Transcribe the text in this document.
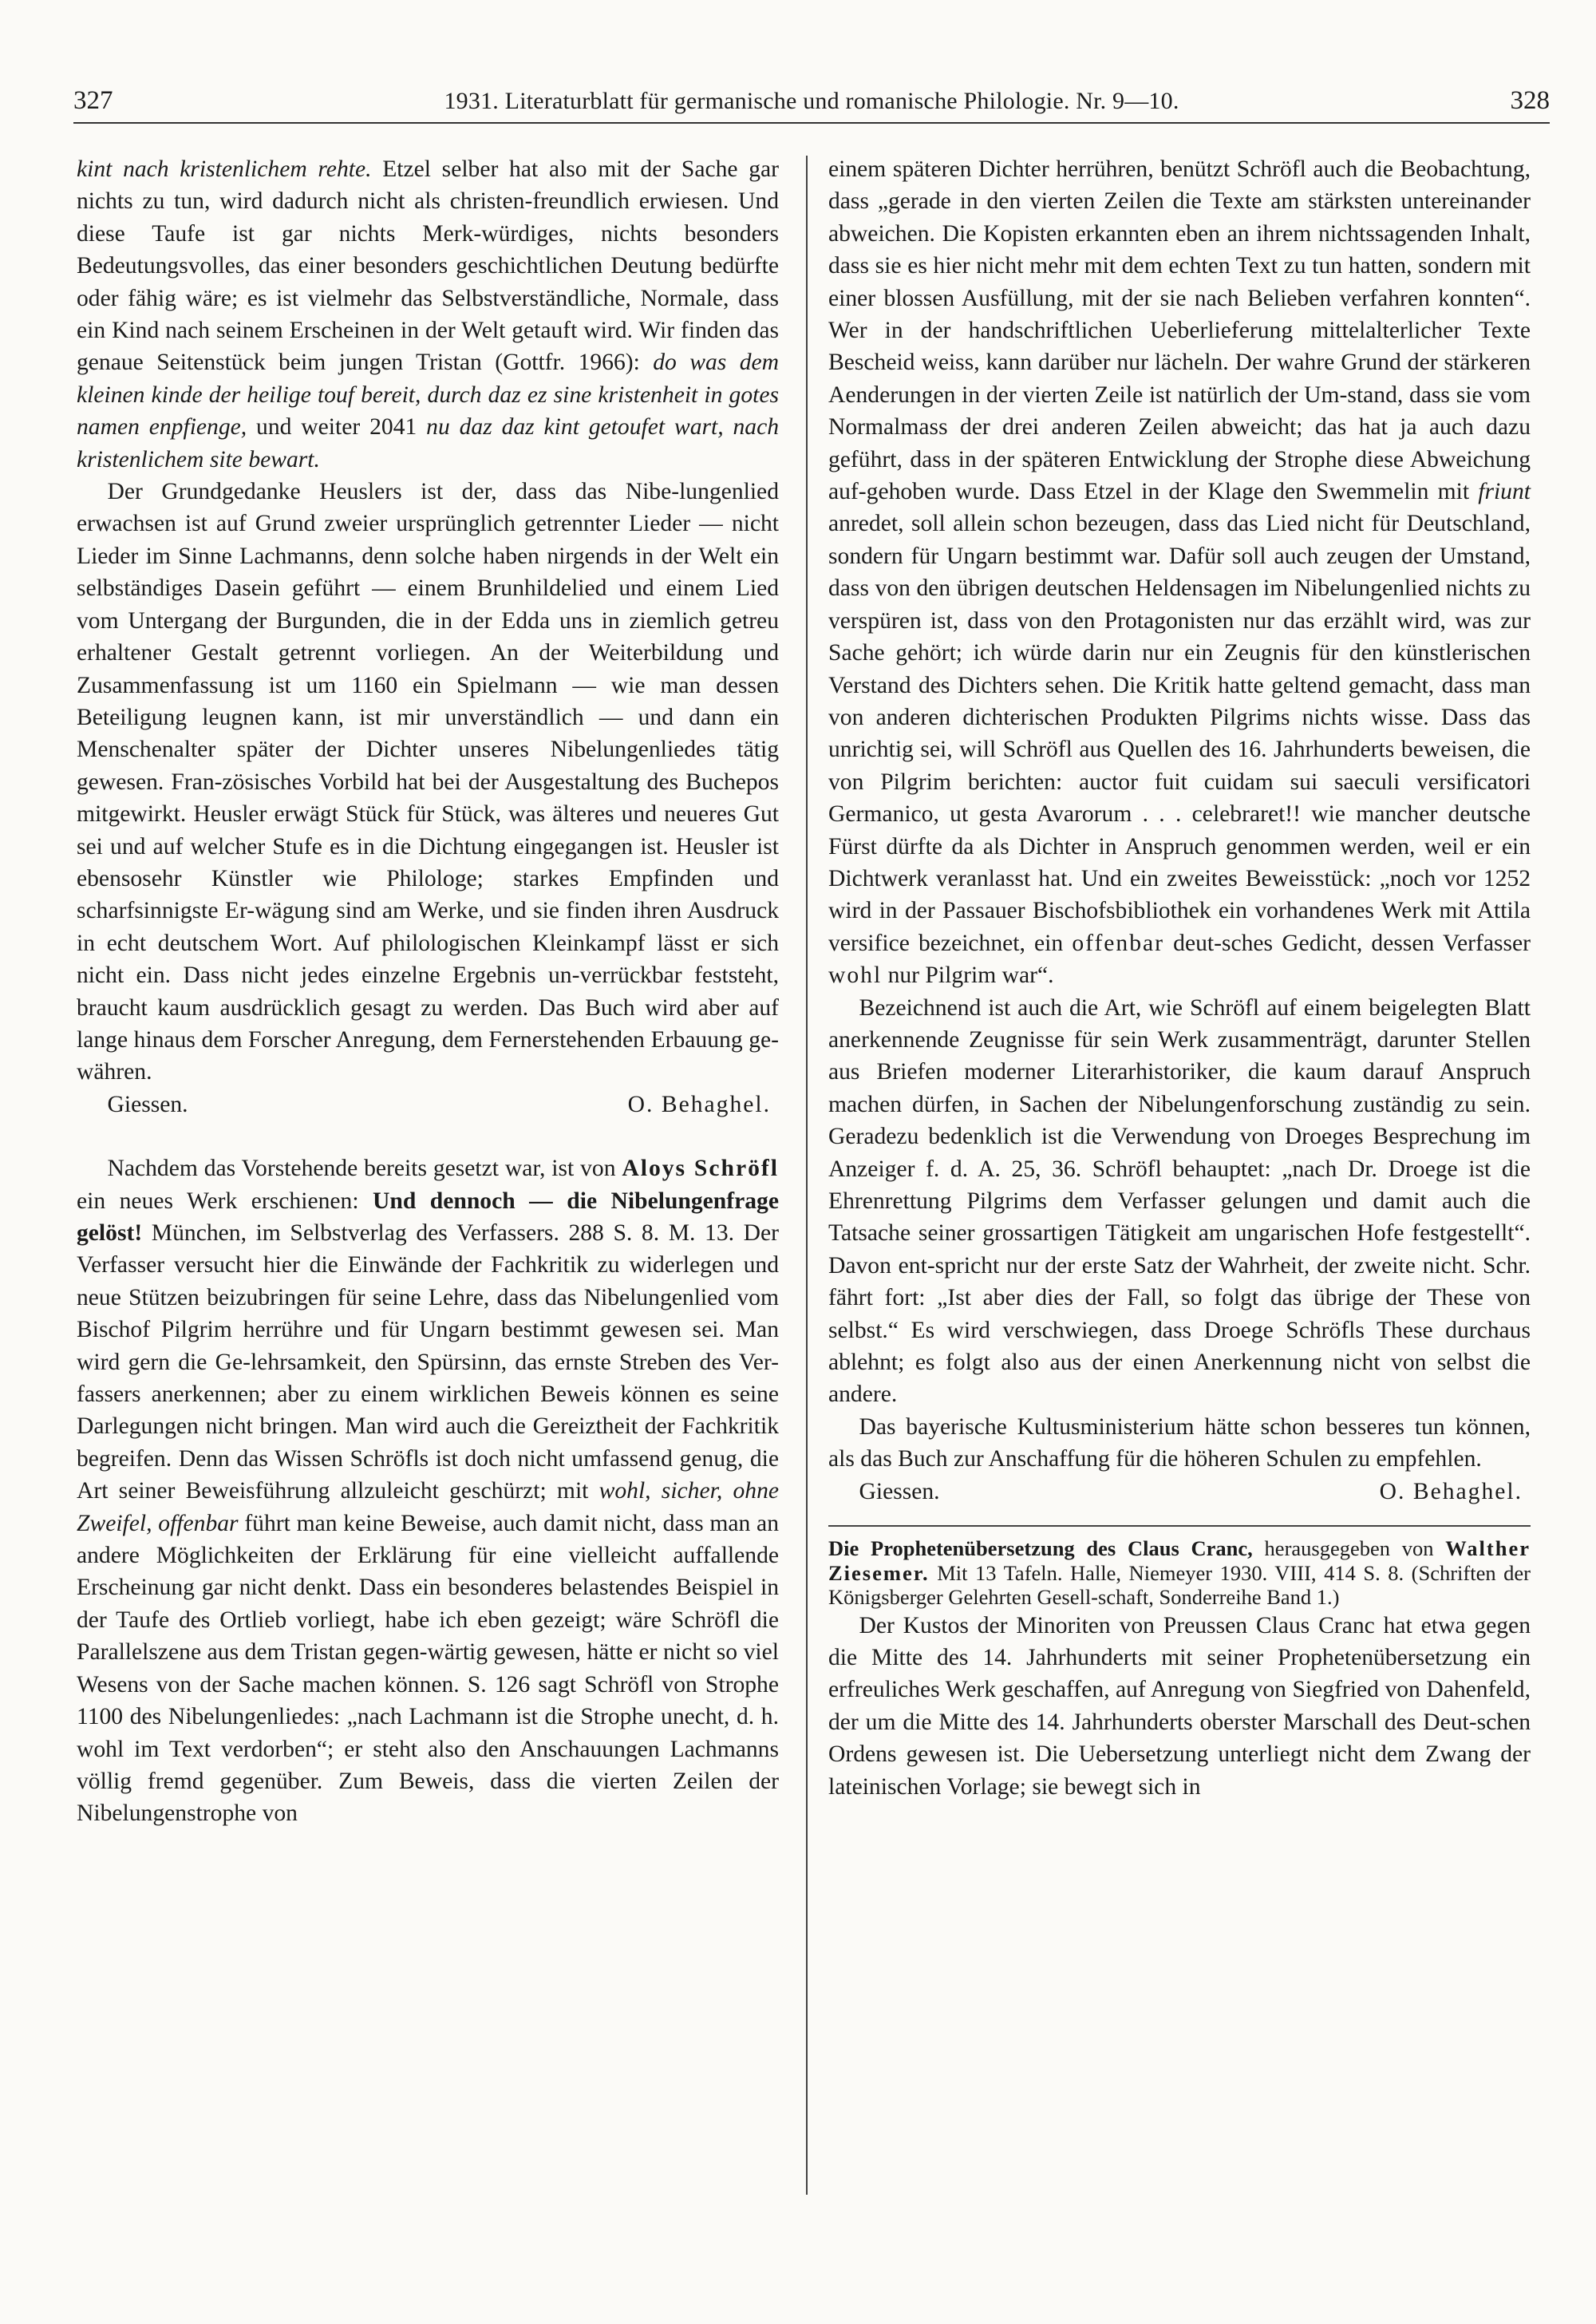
327	1931. Literaturblatt für germanische und romanische Philologie. Nr. 9—10.	328

kint nach kristenlichem rehte. Etzel selber hat also mit der Sache gar nichts zu tun, wird dadurch nicht als christen-freundlich erwiesen. Und diese Taufe ist gar nichts Merk-würdiges, nichts besonders Bedeutungsvolles, das einer besonders geschichtlichen Deutung bedürfte oder fähig wäre; es ist vielmehr das Selbstverständliche, Normale, dass ein Kind nach seinem Erscheinen in der Welt getauft wird. Wir finden das genaue Seitenstück beim jungen Tristan (Gottfr. 1966): do was dem kleinen kinde der heilige touf bereit, durch daz ez sine kristenheit in gotes namen enpfienge, und weiter 2041 nu daz daz kint getoufet wart, nach kristenlichem site bewart.

Der Grundgedanke Heuslers ist der, dass das Nibe-lungenlied erwachsen ist auf Grund zweier ursprünglich getrennter Lieder — nicht Lieder im Sinne Lachmanns, denn solche haben nirgends in der Welt ein selbständiges Dasein geführt — einem Brunhildelied und einem Lied vom Untergang der Burgunden, die in der Edda uns in ziemlich getreu erhaltener Gestalt getrennt vorliegen. An der Weiterbildung und Zusammenfassung ist um 1160 ein Spielmann — wie man dessen Beteiligung leugnen kann, ist mir unverständlich — und dann ein Menschenalter später der Dichter unseres Nibelungenliedes tätig gewesen. Fran-zösisches Vorbild hat bei der Ausgestaltung des Buchepos mitgewirkt. Heusler erwägt Stück für Stück, was älteres und neueres Gut sei und auf welcher Stufe es in die Dichtung eingegangen ist. Heusler ist ebensosehr Künstler wie Philologe; starkes Empfinden und scharfsinnigste Er-wägung sind am Werke, und sie finden ihren Ausdruck in echt deutschem Wort. Auf philologischen Kleinkampf lässt er sich nicht ein. Dass nicht jedes einzelne Ergebnis un-verrückbar feststeht, braucht kaum ausdrücklich gesagt zu werden. Das Buch wird aber auf lange hinaus dem Forscher Anregung, dem Fernerstehenden Erbauung ge-währen.

Giessen.	O. Behaghel.

Nachdem das Vorstehende bereits gesetzt war, ist von Aloys Schröfl ein neues Werk erschienen: Und dennoch — die Nibelungenfrage gelöst! München, im Selbstverlag des Verfassers. 288 S. 8. M. 13. Der Verfasser versucht hier die Einwände der Fachkritik zu widerlegen und neue Stützen beizubringen für seine Lehre, dass das Nibelungenlied vom Bischof Pilgrim herrühre und für Ungarn bestimmt gewesen sei. Man wird gern die Ge-lehrsamkeit, den Spürsinn, das ernste Streben des Ver-fassers anerkennen; aber zu einem wirklichen Beweis können es seine Darlegungen nicht bringen. Man wird auch die Gereiztheit der Fachkritik begreifen. Denn das Wissen Schröfls ist doch nicht umfassend genug, die Art seiner Beweisführung allzuleicht geschürzt; mit wohl, sicher, ohne Zweifel, offenbar führt man keine Beweise, auch damit nicht, dass man an andere Möglichkeiten der Erklärung für eine vielleicht auffallende Erscheinung gar nicht denkt. Dass ein besonderes belastendes Beispiel in der Taufe des Ortlieb vorliegt, habe ich eben gezeigt; wäre Schröfl die Parallelszene aus dem Tristan gegen-wärtig gewesen, hätte er nicht so viel Wesens von der Sache machen können. S. 126 sagt Schröfl von Strophe 1100 des Nibelungenliedes: „nach Lachmann ist die Strophe unecht, d. h. wohl im Text verdorben“; er steht also den Anschauungen Lachmanns völlig fremd gegenüber. Zum Beweis, dass die vierten Zeilen der Nibelungenstrophe von

einem späteren Dichter herrühren, benützt Schröfl auch die Beobachtung, dass „gerade in den vierten Zeilen die Texte am stärksten untereinander abweichen. Die Kopisten erkannten eben an ihrem nichtssagenden Inhalt, dass sie es hier nicht mehr mit dem echten Text zu tun hatten, sondern mit einer blossen Ausfüllung, mit der sie nach Belieben verfahren konnten“. Wer in der handschriftlichen Ueberlieferung mittelalterlicher Texte Bescheid weiss, kann darüber nur lächeln. Der wahre Grund der stärkeren Aenderungen in der vierten Zeile ist natürlich der Um-stand, dass sie vom Normalmass der drei anderen Zeilen abweicht; das hat ja auch dazu geführt, dass in der späteren Entwicklung der Strophe diese Abweichung auf-gehoben wurde. Dass Etzel in der Klage den Swemmelin mit friunt anredet, soll allein schon bezeugen, dass das Lied nicht für Deutschland, sondern für Ungarn bestimmt war. Dafür soll auch zeugen der Umstand, dass von den übrigen deutschen Heldensagen im Nibelungenlied nichts zu verspüren ist, dass von den Protagonisten nur das erzählt wird, was zur Sache gehört; ich würde darin nur ein Zeugnis für den künstlerischen Verstand des Dichters sehen. Die Kritik hatte geltend gemacht, dass man von anderen dichterischen Produkten Pilgrims nichts wisse. Dass das unrichtig sei, will Schröfl aus Quellen des 16. Jahrhunderts beweisen, die von Pilgrim berichten: auctor fuit cuidam sui saeculi versificatori Germanico, ut gesta Avarorum . . . celebraret!! wie mancher deutsche Fürst dürfte da als Dichter in Anspruch genommen werden, weil er ein Dichtwerk veranlasst hat. Und ein zweites Beweisstück: „noch vor 1252 wird in der Passauer Bischofsbibliothek ein vorhandenes Werk mit Attila versifice bezeichnet, ein offenbar deut-sches Gedicht, dessen Verfasser wohl nur Pilgrim war“.

Bezeichnend ist auch die Art, wie Schröfl auf einem beigelegten Blatt anerkennende Zeugnisse für sein Werk zusammenträgt, darunter Stellen aus Briefen moderner Literarhistoriker, die kaum darauf Anspruch machen dürfen, in Sachen der Nibelungenforschung zuständig zu sein. Geradezu bedenklich ist die Verwendung von Droeges Besprechung im Anzeiger f. d. A. 25, 36. Schröfl behauptet: „nach Dr. Droege ist die Ehrenrettung Pilgrims dem Verfasser gelungen und damit auch die Tatsache seiner grossartigen Tätigkeit am ungarischen Hofe festgestellt“. Davon ent-spricht nur der erste Satz der Wahrheit, der zweite nicht. Schr. fährt fort: „Ist aber dies der Fall, so folgt das übrige der These von selbst.“ Es wird verschwiegen, dass Droege Schröfls These durchaus ablehnt; es folgt also aus der einen Anerkennung nicht von selbst die andere.

Das bayerische Kultusministerium hätte schon besseres tun können, als das Buch zur Anschaffung für die höheren Schulen zu empfehlen.

Giessen.	O. Behaghel.

Die Prophetenübersetzung des Claus Cranc, herausgegeben von Walther Ziesemer. Mit 13 Tafeln. Halle, Niemeyer 1930. VIII, 414 S. 8. (Schriften der Königsberger Gelehrten Gesell-schaft, Sonderreihe Band 1.)

Der Kustos der Minoriten von Preussen Claus Cranc hat etwa gegen die Mitte des 14. Jahrhunderts mit seiner Prophetenübersetzung ein erfreuliches Werk geschaffen, auf Anregung von Siegfried von Dahenfeld, der um die Mitte des 14. Jahrhunderts oberster Marschall des Deut-schen Ordens gewesen ist. Die Uebersetzung unterliegt nicht dem Zwang der lateinischen Vorlage; sie bewegt sich in
